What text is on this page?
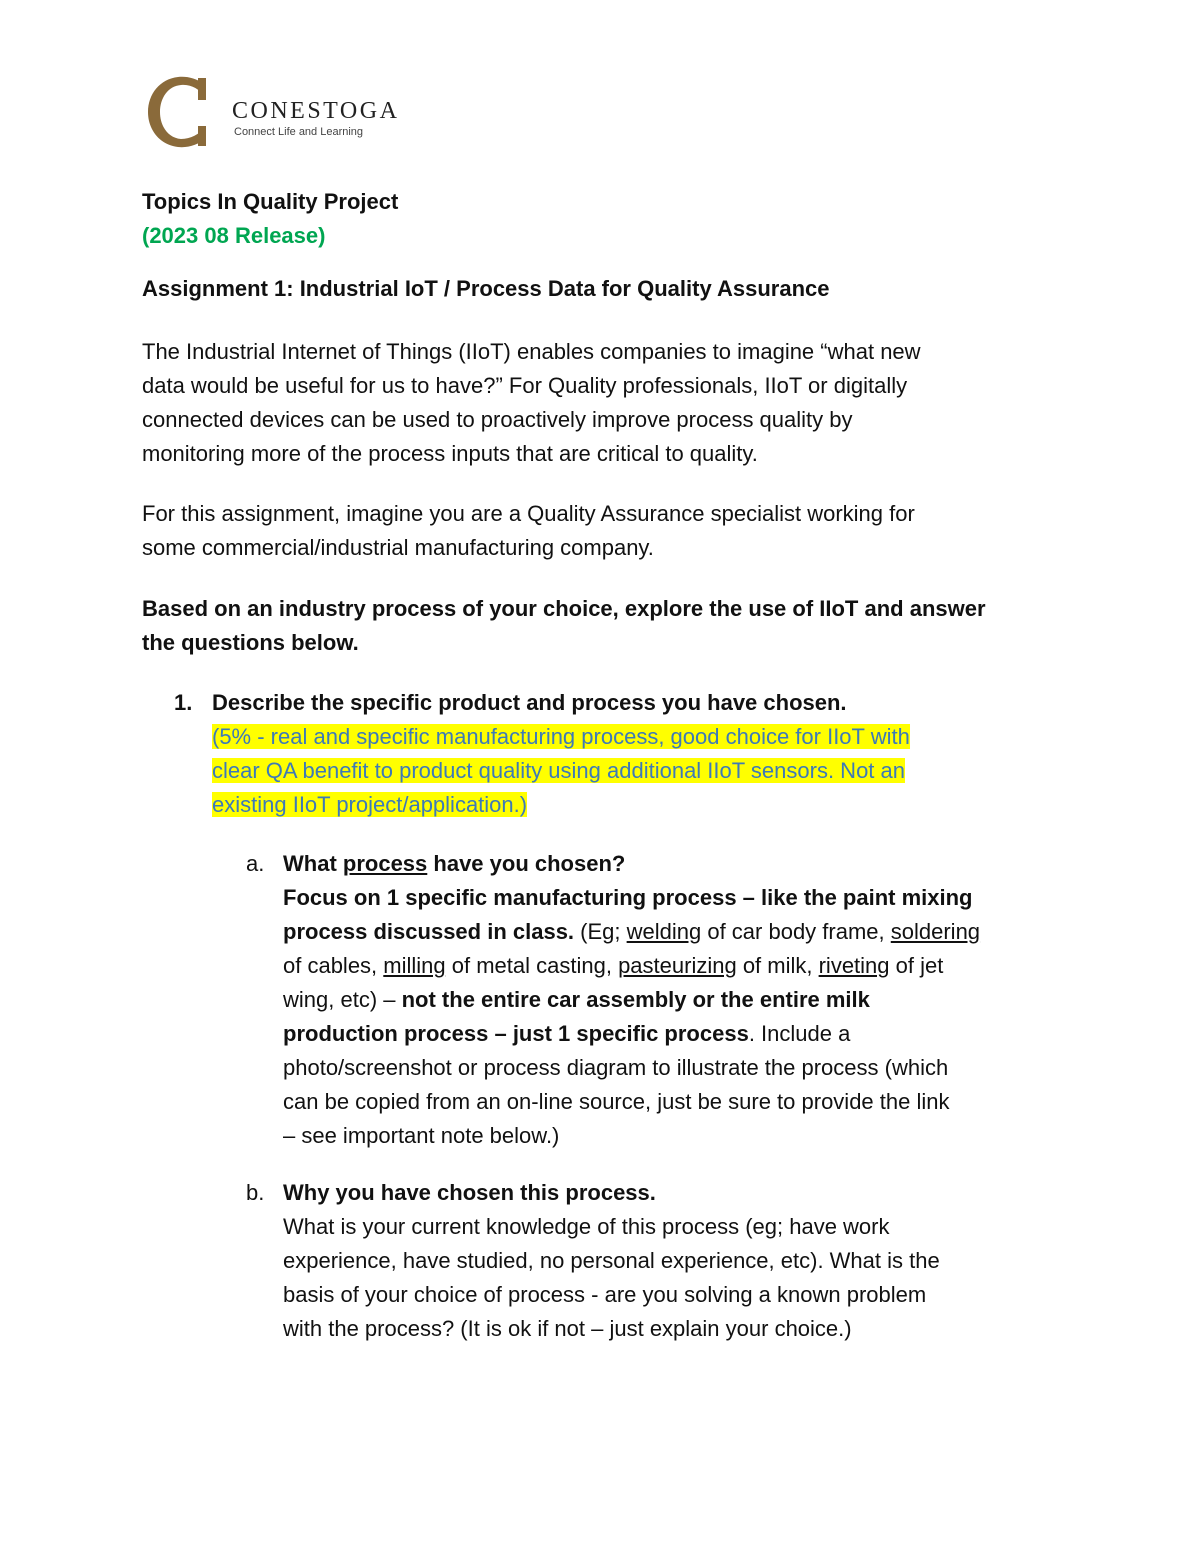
CONESTOGA
Connect Life and Learning
Topics In Quality Project
(2023 08 Release)
Assignment 1: Industrial IoT / Process Data for Quality Assurance
The Industrial Internet of Things (IIoT) enables companies to imagine “what new
data would be useful for us to have?” For Quality professionals, IIoT or digitally
connected devices can be used to proactively improve process quality by
monitoring more of the process inputs that are critical to quality.
For this assignment, imagine you are a Quality Assurance specialist working for
some commercial/industrial manufacturing company.
Based on an industry process of your choice, explore the use of IIoT and answer
the questions below.
1. Describe the specific product and process you have chosen.
(5% - real and specific manufacturing process, good choice for IIoT with
clear QA benefit to product quality using additional IIoT sensors. Not an
existing IIoT project/application.)
a. What process have you chosen?
Focus on 1 specific manufacturing process – like the paint mixing
process discussed in class. (Eg; welding of car body frame, soldering
of cables, milling of metal casting, pasteurizing of milk, riveting of jet
wing, etc) – not the entire car assembly or the entire milk
production process – just 1 specific process. Include a
photo/screenshot or process diagram to illustrate the process (which
can be copied from an on-line source, just be sure to provide the link
– see important note below.)
b. Why you have chosen this process.
What is your current knowledge of this process (eg; have work
experience, have studied, no personal experience, etc). What is the
basis of your choice of process - are you solving a known problem
with the process? (It is ok if not – just explain your choice.)
